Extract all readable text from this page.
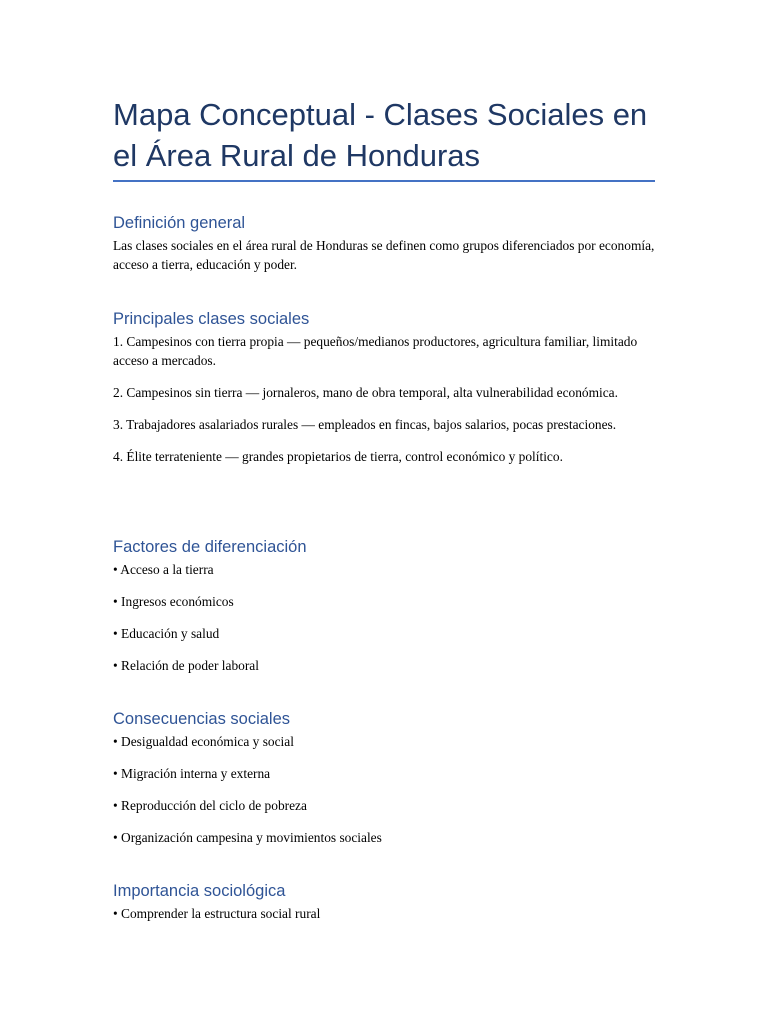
Mapa Conceptual - Clases Sociales en el Área Rural de Honduras
Definición general

Las clases sociales en el área rural de Honduras se definen como grupos diferenciados por economía, acceso a tierra, educación y poder.

Principales clases sociales

1. Campesinos con tierra propia — pequeños/medianos productores, agricultura familiar, limitado acceso a mercados.

2. Campesinos sin tierra — jornaleros, mano de obra temporal, alta vulnerabilidad económica.

3. Trabajadores asalariados rurales — empleados en fincas, bajos salarios, pocas prestaciones.

4. Élite terrateniente — grandes propietarios de tierra, control económico y político.

Factores de diferenciación

• Acceso a la tierra

• Ingresos económicos

• Educación y salud

• Relación de poder laboral

Consecuencias sociales

• Desigualdad económica y social

• Migración interna y externa

• Reproducción del ciclo de pobreza

• Organización campesina y movimientos sociales

Importancia sociológica

• Comprender la estructura social rural
